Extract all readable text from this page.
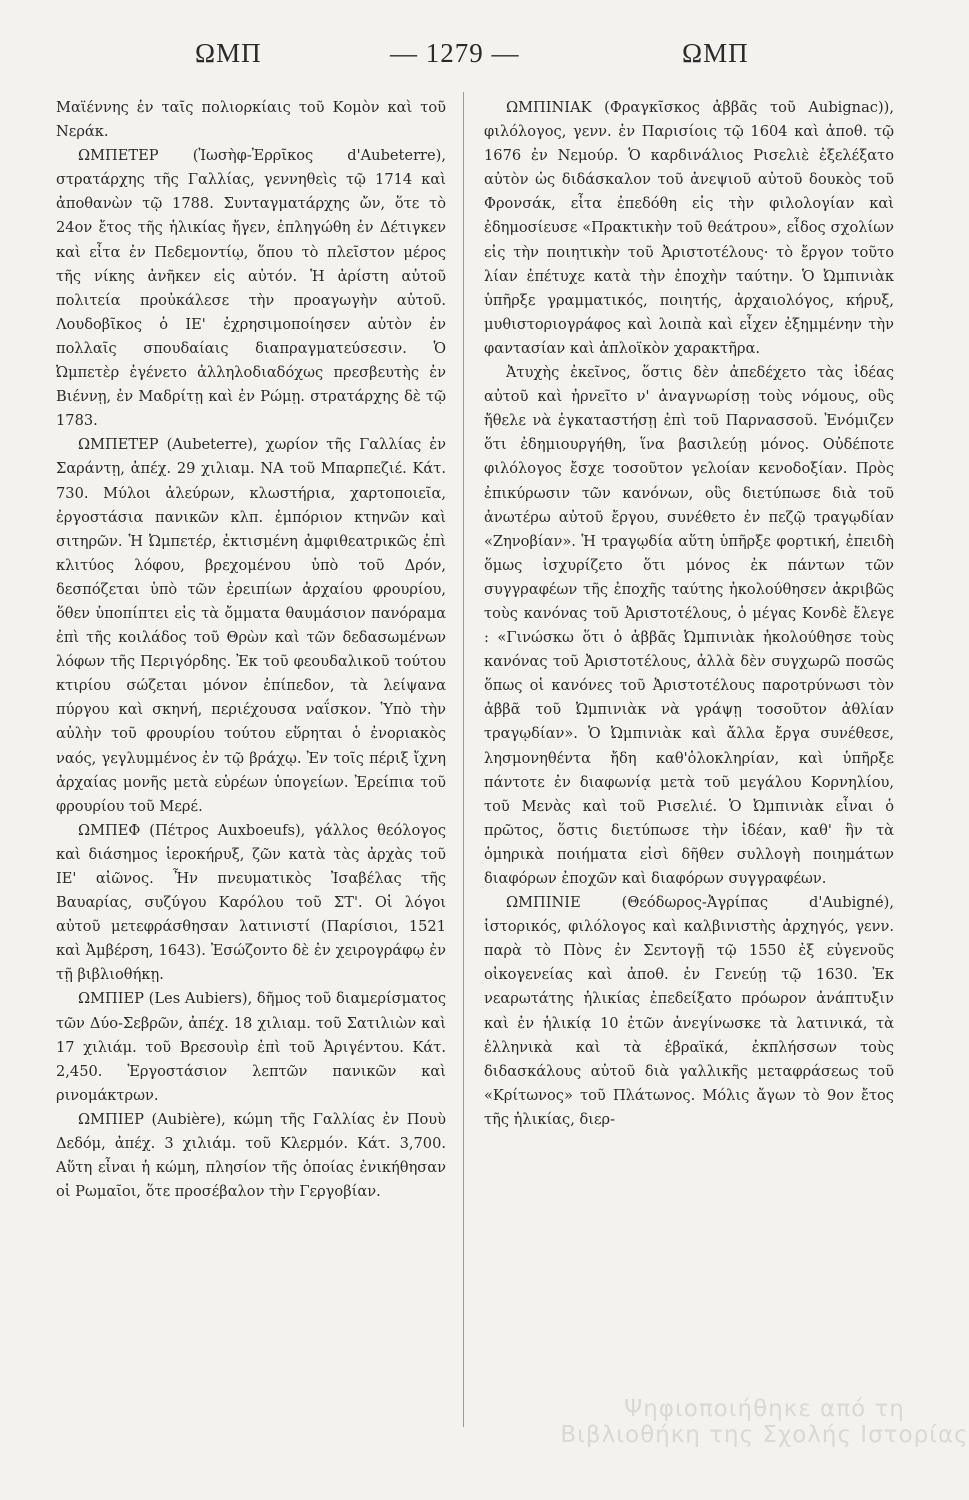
ΩΜΠ	— 1279 —	ΩΜΠ

Μαϊέννης ἐν ταῖς πολιορκίαις τοῦ Κομὸν καὶ τοῦ Νεράκ.

ΩΜΠΕΤΕΡ (Ἰωσὴφ-Ἐρρῖκος d'Aubeterre), στρατάρχης τῆς Γαλλίας, γεννηθεὶς τῷ 1714 καὶ ἀποθανὼν τῷ 1788. Συνταγματάρχης ὤν, ὅτε τὸ 24ον ἔτος τῆς ἡλικίας ἤγεν, ἐπληγώθη ἐν Δέτιγκεν καὶ εἶτα ἐν Πεδεμοντίῳ, ὅπου τὸ πλεῖστον μέρος τῆς νίκης ἀνῆκεν εἰς αὐτόν. Ἡ ἀρίστη αὐτοῦ πολιτεία προὐκάλεσε τὴν προαγωγὴν αὐτοῦ. Λουδοβῖκος ὁ ΙΕ' ἐχρησιμοποίησεν αὐτὸν ἐν πολλαῖς σπουδαίαις διαπραγματεύσεσιν. Ὁ Ὠμπετὲρ ἐγένετο ἀλληλοδιαδόχως πρεσβευτὴς ἐν Βιέννῃ, ἐν Μαδρίτῃ καὶ ἐν Ρώμῃ. στρατάρχης δὲ τῷ 1783.

ΩΜΠΕΤΕΡ (Aubeterre), χωρίον τῆς Γαλλίας ἐν Σαράντῃ, ἀπέχ. 29 χιλιαμ. ΝΑ τοῦ Μπαρπεζιέ. Κάτ. 730. Μύλοι ἀλεύρων, κλωστήρια, χαρτοποιεῖα, ἐργοστάσια πανικῶν κλπ. ἐμπόριον κτηνῶν καὶ σιτηρῶν. Ἡ Ὠμπετέρ, ἐκτισμένη ἀμφιθεατρικῶς ἐπὶ κλιτύος λόφου, βρεχομένου ὑπὸ τοῦ Δρόν, δεσπόζεται ὑπὸ τῶν ἐρειπίων ἀρχαίου φρουρίου, ὅθεν ὑποπίπτει εἰς τὰ ὄμματα θαυμάσιον πανόραμα ἐπὶ τῆς κοιλάδος τοῦ Θρὼν καὶ τῶν δεδασωμένων λόφων τῆς Περιγόρδης. Ἐκ τοῦ φεουδαλικοῦ τούτου κτιρίου σώζεται μόνον ἐπίπεδον, τὰ λείψανα πύργου καὶ σκηνή, περιέχουσα ναΐσκον. Ὑπὸ τὴν αὐλὴν τοῦ φρουρίου τούτου εὕρηται ὁ ἐνοριακὸς ναός, γεγλυμμένος ἐν τῷ βράχῳ. Ἐν τοῖς πέριξ ἴχνη ἀρχαίας μονῆς μετὰ εὑρέων ὑπογείων. Ἐρείπια τοῦ φρουρίου τοῦ Μερέ.

ΩΜΠΕΦ (Πέτρος Auxboeufs), γάλλος θεόλογος καὶ διάσημος ἱεροκήρυξ, ζῶν κατὰ τὰς ἀρχὰς τοῦ ΙΕ' αἰῶνος. Ἦν πνευματικὸς Ἰσαβέλας τῆς Βαυαρίας, συζύγου Καρόλου τοῦ ΣΤ'. Οἱ λόγοι αὐτοῦ μετεφράσθησαν λατινιστί (Παρίσιοι, 1521 καὶ Ἀμβέρση, 1643). Ἐσώζοντο δὲ ἐν χειρογράφῳ ἐν τῇ βιβλιοθήκῃ.

ΩΜΠΙΕΡ (Les Aubiers), δῆμος τοῦ διαμερίσματος τῶν Δύο-Σεβρῶν, ἀπέχ. 18 χιλιαμ. τοῦ Σατιλιὼν καὶ 17 χιλιάμ. τοῦ Βρεσουὶρ ἐπὶ τοῦ Ἀριγέντου. Κάτ. 2,450. Ἐργοστάσιον λεπτῶν πανικῶν καὶ ρινομάκτρων.

ΩΜΠΙΕΡ (Aubière), κώμη τῆς Γαλλίας ἐν Πουὺ Δεδόμ, ἀπέχ. 3 χιλιάμ. τοῦ Κλερμόν. Κάτ. 3,700. Αὕτη εἶναι ἡ κώμη, πλησίον τῆς ὁποίας ἐνικήθησαν οἱ Ρωμαῖοι, ὅτε προσέβαλον τὴν Γεργοβίαν.

ΩΜΠΙΝΙΑΚ (Φραγκῖσκος ἀββᾶς τοῦ Aubignac)), φιλόλογος, γενν. ἐν Παρισίοις τῷ 1604 καὶ ἀποθ. τῷ 1676 ἐν Νεμούρ. Ὁ καρδινάλιος Ρισελιὲ ἐξελέξατο αὐτὸν ὡς διδάσκαλον τοῦ ἀνεψιοῦ αὐτοῦ δουκὸς τοῦ Φρονσάκ, εἶτα ἐπεδόθη εἰς τὴν φιλολογίαν καὶ ἐδημοσίευσε «Πρακτικὴν τοῦ θεάτρου», εἶδος σχολίων εἰς τὴν ποιητικὴν τοῦ Ἀριστοτέλους· τὸ ἔργον τοῦτο λίαν ἐπέτυχε κατὰ τὴν ἐποχὴν ταύτην. Ὁ Ὠμπινιὰκ ὑπῆρξε γραμματικός, ποιητής, ἀρχαιολόγος, κήρυξ, μυθιστοριογράφος καὶ λοιπὰ καὶ εἶχεν ἐξημμένην τὴν φαντασίαν καὶ ἁπλοϊκὸν χαρακτῆρα.

Ἀτυχὴς ἐκεῖνος, ὅστις δὲν ἀπεδέχετο τὰς ἰδέας αὐτοῦ καὶ ἠρνεῖτο ν' ἀναγνωρίσῃ τοὺς νόμους, οὓς ἤθελε νὰ ἐγκαταστήσῃ ἐπὶ τοῦ Παρνασσοῦ. Ἐνόμιζεν ὅτι ἐδημιουργήθη, ἵνα βασιλεύῃ μόνος. Οὐδέποτε φιλόλογος ἔσχε τοσοῦτον γελοίαν κενοδοξίαν. Πρὸς ἐπικύρωσιν τῶν κανόνων, οὓς διετύπωσε διὰ τοῦ ἀνωτέρω αὐτοῦ ἔργου, συνέθετο ἐν πεζῷ τραγῳδίαν «Ζηνοβίαν». Ἡ τραγῳδία αὕτη ὑπῆρξε φορτική, ἐπειδὴ ὅμως ἰσχυρίζετο ὅτι μόνος ἐκ πάντων τῶν συγγραφέων τῆς ἐποχῆς ταύτης ἠκολούθησεν ἀκριβῶς τοὺς κανόνας τοῦ Ἀριστοτέλους, ὁ μέγας Κονδὲ ἔλεγε : «Γινώσκω ὅτι ὁ ἀββᾶς Ὠμπινιὰκ ἠκολούθησε τοὺς κανόνας τοῦ Ἀριστοτέλους, ἀλλὰ δὲν συγχωρῶ ποσῶς ὅπως οἱ κανόνες τοῦ Ἀριστοτέλους παροτρύνωσι τὸν ἀββᾶ τοῦ Ὠμπινιὰκ νὰ γράψῃ τοσοῦτον ἀθλίαν τραγῳδίαν». Ὁ Ὠμπινιὰκ καὶ ἄλλα ἔργα συνέθεσε, λησμονηθέντα ἤδη καθ'ὁλοκληρίαν, καὶ ὑπῆρξε πάντοτε ἐν διαφωνίᾳ μετὰ τοῦ μεγάλου Κορνηλίου, τοῦ Μενὰς καὶ τοῦ Ρισελιέ. Ὁ Ὠμπινιὰκ εἶναι ὁ πρῶτος, ὅστις διετύπωσε τὴν ἰδέαν, καθ' ἣν τὰ ὁμηρικὰ ποιήματα εἰσὶ δῆθεν συλλογὴ ποιημάτων διαφόρων ἐποχῶν καὶ διαφόρων συγγραφέων.

ΩΜΠΙΝΙΕ (Θεόδωρος-Ἀγρίπας d'Aubigné), ἱστορικός, φιλόλογος καὶ καλβινιστὴς ἀρχηγός, γενν. παρὰ τὸ Πὸνς ἐν Σεντογῇ τῷ 1550 ἐξ εὐγενοῦς οἰκογενείας καὶ ἀποθ. ἐν Γενεύῃ τῷ 1630. Ἐκ νεαρωτάτης ἡλικίας ἐπεδείξατο πρόωρον ἀνάπτυξιν καὶ ἐν ἡλικίᾳ 10 ἐτῶν ἀνεγίνωσκε τὰ λατινικά, τὰ ἑλληνικὰ καὶ τὰ ἑβραϊκά, ἐκπλήσσων τοὺς διδασκάλους αὐτοῦ διὰ γαλλικῆς μεταφράσεως τοῦ «Κρίτωνος» τοῦ Πλάτωνος. Μόλις ἄγων τὸ 9ον ἔτος τῆς ἡλικίας, διερ-

Ψηφιοποιήθηκε από τη Βιβλιοθήκη της Σχολής Ιστορίας
